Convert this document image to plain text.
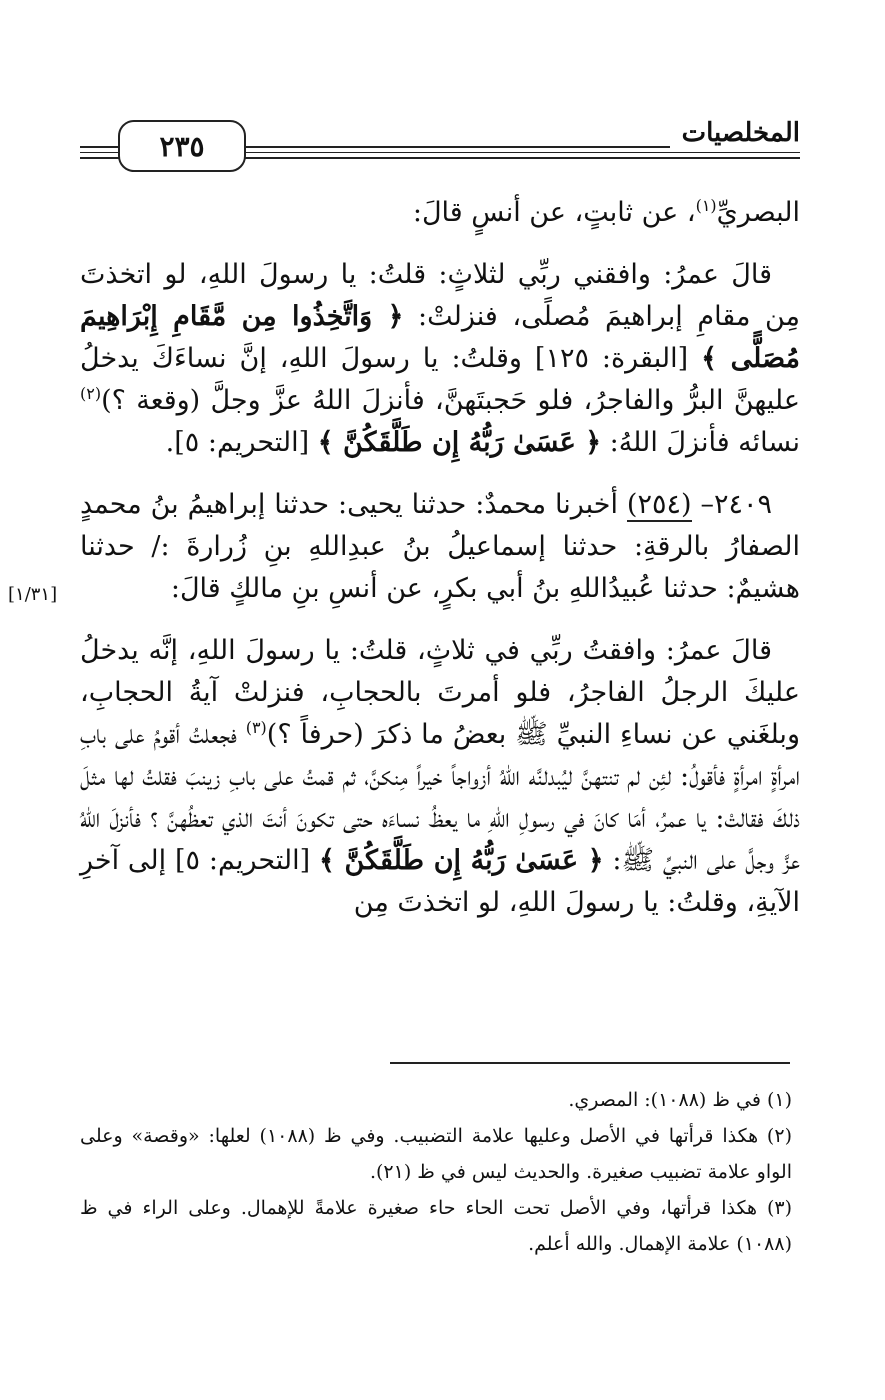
٢٣٥	المخلصيات
[١/٣١]

البصريِّ$^{(١)}$، عن ثابتٍ، عن أنسٍ قالَ:

قالَ عمرُ: وافقني ربِّي لثلاثٍ: قلتُ: يا رسولَ اللهِ، لو اتخذتَ مِن مقامِ إبراهيمَ مُصلًى، فنزلتْ: ﴿ وَاتَّخِذُوا مِن مَّقَامِ إِبْرَاهِيمَ مُصَلًّى ﴾ [البقرة: ١٢٥] وقلتُ: يا رسولَ اللهِ، إنَّ نساءَكَ يدخلُ عليهنَّ البرُّ والفاجرُ، فلو حَجبتَهنَّ، فأنزلَ اللهُ عزَّ وجلَّ (وقعة ؟)$^{(٢)}$ نسائه فأنزلَ اللهُ: ﴿ عَسَىٰ رَبُّهُ إِن طَلَّقَكُنَّ ﴾ [التحريم: ٥].

٢٤٠٩– (٢٥٤) أخبرنا محمدٌ: حدثنا يحيى: حدثنا إبراهيمُ بنُ محمدٍ الصفارُ بالرقةِ: حدثنا إسماعيلُ بنُ عبدِاللهِ بنِ زُرارةَ :/ حدثنا هشيمٌ: حدثنا عُبيدُاللهِ بنُ أبي بكرٍ، عن أنسِ بنِ مالكٍ قالَ:

قالَ عمرُ: وافقتُ ربِّي في ثلاثٍ، قلتُ: يا رسولَ اللهِ، إنَّه يدخلُ عليكَ الرجلُ الفاجرُ، فلو أمرتَ بالحجابِ، فنزلتْ آيةُ الحجابِ، وبلغَني عن نساءِ النبيِّ ﷺ بعضُ ما ذكرَ (حرفاً ؟)$^{(٣)}$ فجعلتُ أقومُ على بابِ امرأةٍ امرأةٍ فأقولُ: لئِن لم تنتهنَّ ليُبدلنَّه اللهُ أزواجاً خيراً مِنكنَّ، ثم قمتُ على بابِ زينبَ فقلتُ لها مثلَ ذلكَ فقالتْ: يا عمرُ، أمَا كانَ في رسولِ اللهِ ما يعظُ نساءَه حتى تكونَ أنتَ الذي تعظُهنَّ ؟ فأنزلَ اللهُ عزَّ وجلَّ على النبيِّ ﷺ: ﴿ عَسَىٰ رَبُّهُ إِن طَلَّقَكُنَّ ﴾ [التحريم: ٥] إلى آخرِ الآيةِ، وقلتُ: يا رسولَ اللهِ، لو اتخذتَ مِن

(١) في ظ (١٠٨٨): المصري.

(٢) هكذا قرأتها في الأصل وعليها علامة التضبيب. وفي ظ (١٠٨٨) لعلها: «وقصة» وعلى الواو علامة تضبيب صغيرة. والحديث ليس في ظ (٢١).

(٣) هكذا قرأتها، وفي الأصل تحت الحاء حاء صغيرة علامةً للإهمال. وعلى الراء في ظ (١٠٨٨) علامة الإهمال. والله أعلم.
